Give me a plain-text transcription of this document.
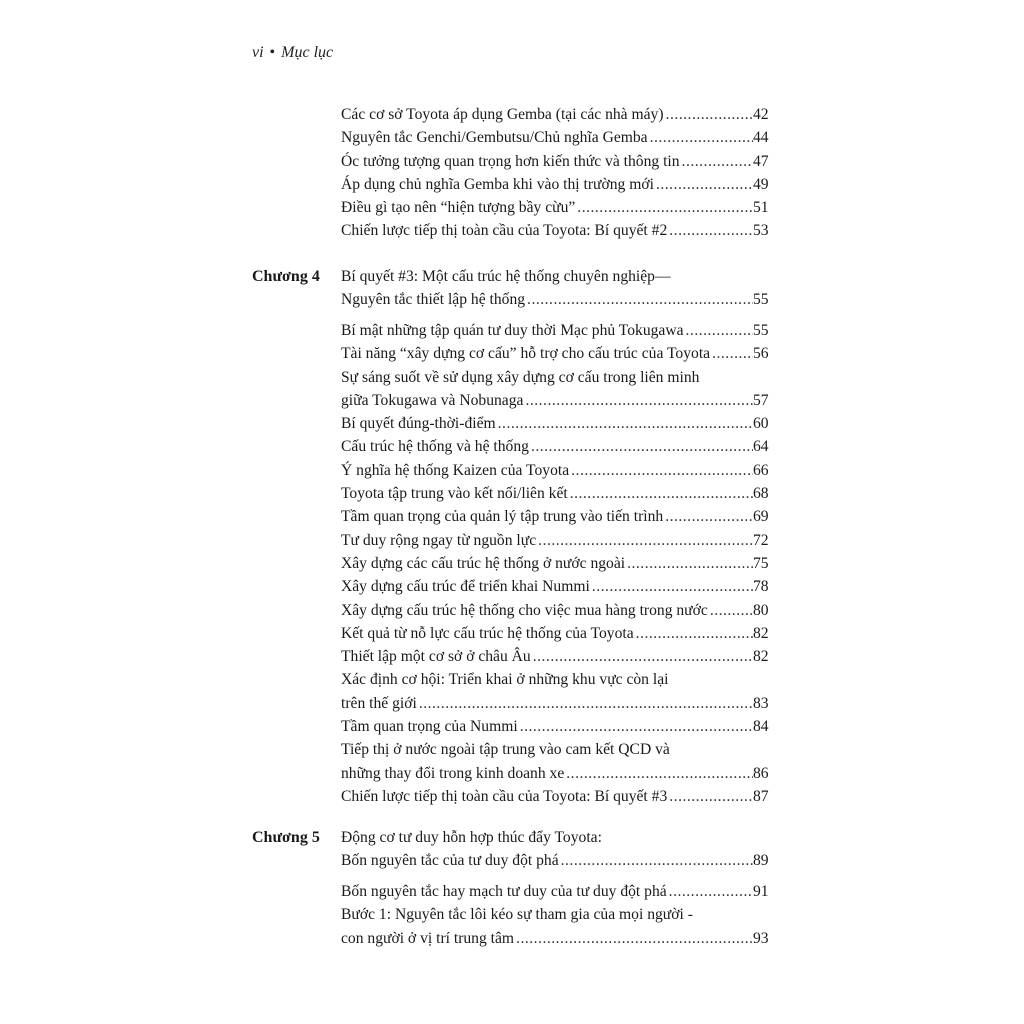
vi • Mục lục
Các cơ sở Toyota áp dụng Gemba (tại các nhà máy) .....	42
Nguyên tắc Genchi/Gembutsu/Chủ nghĩa Gemba .....	44
Óc tưởng tượng quan trọng hơn kiến thức và thông tin .....	47
Áp dụng chủ nghĩa Gemba khi vào thị trường mới .....	49
Điều gì tạo nên “hiện tượng bầy cừu” .....	51
Chiến lược tiếp thị toàn cầu của Toyota: Bí quyết #2 .....	53
Chương 4 Bí quyết #3: Một cấu trúc hệ thống chuyên nghiệp—
Nguyên tắc thiết lập hệ thống .....	55
Bí mật những tập quán tư duy thời Mạc phủ Tokugawa .....	55
Tài năng “xây dựng cơ cấu” hỗ trợ cho cấu trúc của Toyota .....	56
Sự sáng suốt về sử dụng xây dựng cơ cấu trong liên minh
giữa Tokugawa và Nobunaga .....	57
Bí quyết đúng-thời-điểm .....	60
Cấu trúc hệ thống và hệ thống .....	64
Ý nghĩa hệ thống Kaizen của Toyota .....	66
Toyota tập trung vào kết nối/liên kết .....	68
Tầm quan trọng của quản lý tập trung vào tiến trình .....	69
Tư duy rộng ngay từ nguồn lực .....	72
Xây dựng các cấu trúc hệ thống ở nước ngoài .....	75
Xây dựng cấu trúc để triển khai Nummi .....	78
Xây dựng cấu trúc hệ thống cho việc mua hàng trong nước .....	80
Kết quả từ nỗ lực cấu trúc hệ thống của Toyota .....	82
Thiết lập một cơ sở ở châu Âu .....	82
Xác định cơ hội: Triển khai ở những khu vực còn lại
trên thế giới .....	83
Tầm quan trọng của Nummi .....	84
Tiếp thị ở nước ngoài tập trung vào cam kết QCD và
những thay đổi trong kinh doanh xe .....	86
Chiến lược tiếp thị toàn cầu của Toyota: Bí quyết #3 .....	87
Chương 5 Động cơ tư duy hỗn hợp thúc đẩy Toyota:
Bốn nguyên tắc của tư duy đột phá .....	89
Bốn nguyên tắc hay mạch tư duy của tư duy đột phá .....	91
Bước 1: Nguyên tắc lôi kéo sự tham gia của mọi người -
con người ở vị trí trung tâm .....	93
